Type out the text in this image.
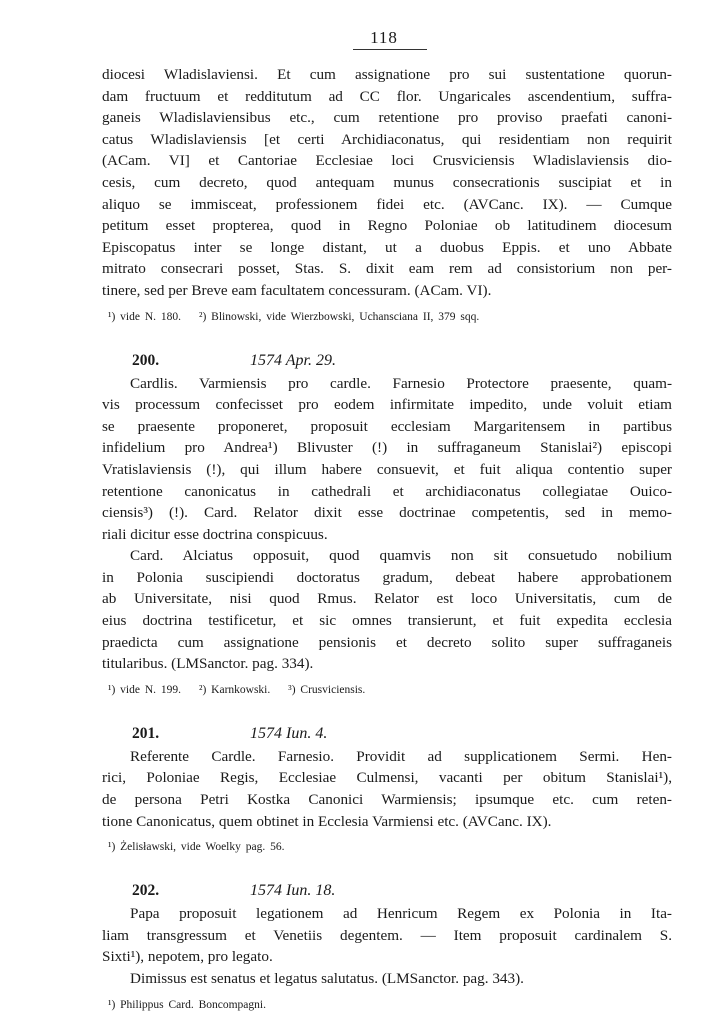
118

diocesi Wladislaviensi. Et cum assignatione pro sui sustentatione quorun-
dam fructuum et redditutum ad CC flor. Ungaricales ascendentium, suffra-
ganeis Wladislaviensibus etc., cum retentione pro proviso praefati canoni-
catus Wladislaviensis [et certi Archidiaconatus, qui residentiam non requirit
(ACam. VI] et Cantoriae Ecclesiae loci Crusviciensis Wladislaviensis dio-
cesis, cum decreto, quod antequam munus consecrationis suscipiat et in
aliquo se immisceat, professionem fidei etc. (AVCanc. IX). — Cumque
petitum esset propterea, quod in Regno Poloniae ob latitudinem diocesum
Episcopatus inter se longe distant, ut a duobus Eppis. et uno Abbate
mitrato consecrari posset, Stas. S. dixit eam rem ad consistorium non per-
tinere, sed per Breve eam facultatem concessuram. (ACam. VI).

¹) vide N. 180. ²) Blinowski, vide Wierzbowski, Uchansciana II, 379 sqq.
200.	1574 Apr. 29.

Cardlis. Varmiensis pro cardle. Farnesio Protectore praesente, quam-
vis processum confecisset pro eodem infirmitate impedito, unde voluit etiam
se praesente proponeret, proposuit ecclesiam Margaritensem in partibus
infidelium pro Andrea¹) Blivuster (!) in suffraganeum Stanislai²) episcopi
Vratislaviensis (!), qui illum habere consuevit, et fuit aliqua contentio super
retentione canonicatus in cathedrali et archidiaconatus collegiatae Ouico-
ciensis³) (!). Card. Relator dixit esse doctrinae competentis, sed in memo-
riali dicitur esse doctrina conspicuus.

Card. Alciatus opposuit, quod quamvis non sit consuetudo nobilium
in Polonia suscipiendi doctoratus gradum, debeat habere approbationem
ab Universitate, nisi quod Rmus. Relator est loco Universitatis, cum de
eius doctrina testificetur, et sic omnes transierunt, et fuit expedita ecclesia
praedicta cum assignatione pensionis et decreto solito super suffraganeis
titularibus. (LMSanctor. pag. 334).

¹) vide N. 199. ²) Karnkowski. ³) Crusviciensis.
201.	1574 Iun. 4.

Referente Cardle. Farnesio. Providit ad supplicationem Sermi. Hen-
rici, Poloniae Regis, Ecclesiae Culmensi, vacanti per obitum Stanislai¹),
de persona Petri Kostka Canonici Warmiensis; ipsumque etc. cum reten-
tione Canonicatus, quem obtinet in Ecclesia Varmiensi etc. (AVCanc. IX).

¹) Żelisławski, vide Woelky pag. 56.
202.	1574 Iun. 18.

Papa proposuit legationem ad Henricum Regem ex Polonia in Ita-
liam transgressum et Venetiis degentem. — Item proposuit cardinalem S.
Sixti¹), nepotem, pro legato.

Dimissus est senatus et legatus salutatus. (LMSanctor. pag. 343).

¹) Philippus Card. Boncompagni.
